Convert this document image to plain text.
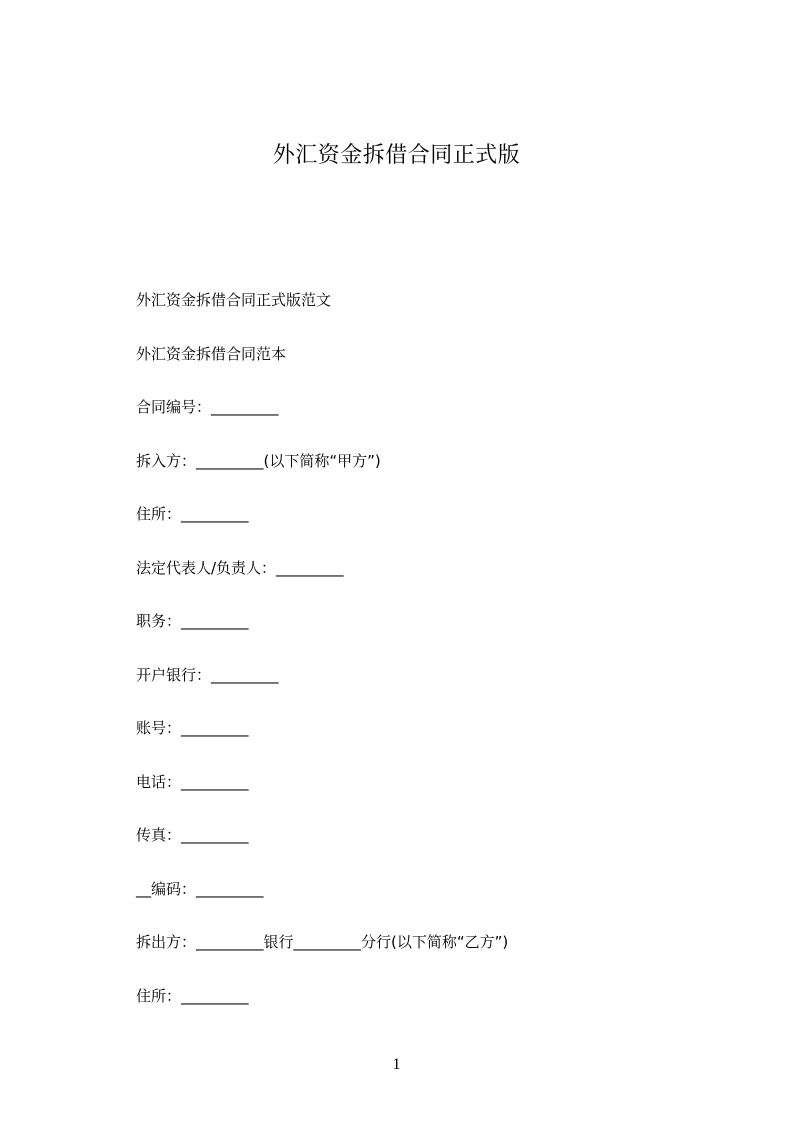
外汇资金拆借合同正式版
外汇资金拆借合同正式版范文
外汇资金拆借合同范本
合同编号：_________
拆入方：_________(以下简称“甲方”)
住所：_________
法定代表人/负责人：_________
职务：_________
开户银行：_________
账号：_________
电话：_________
传真：_________
__编码：_________
拆出方：_________银行_________分行(以下简称“乙方”)
住所：_________
1
